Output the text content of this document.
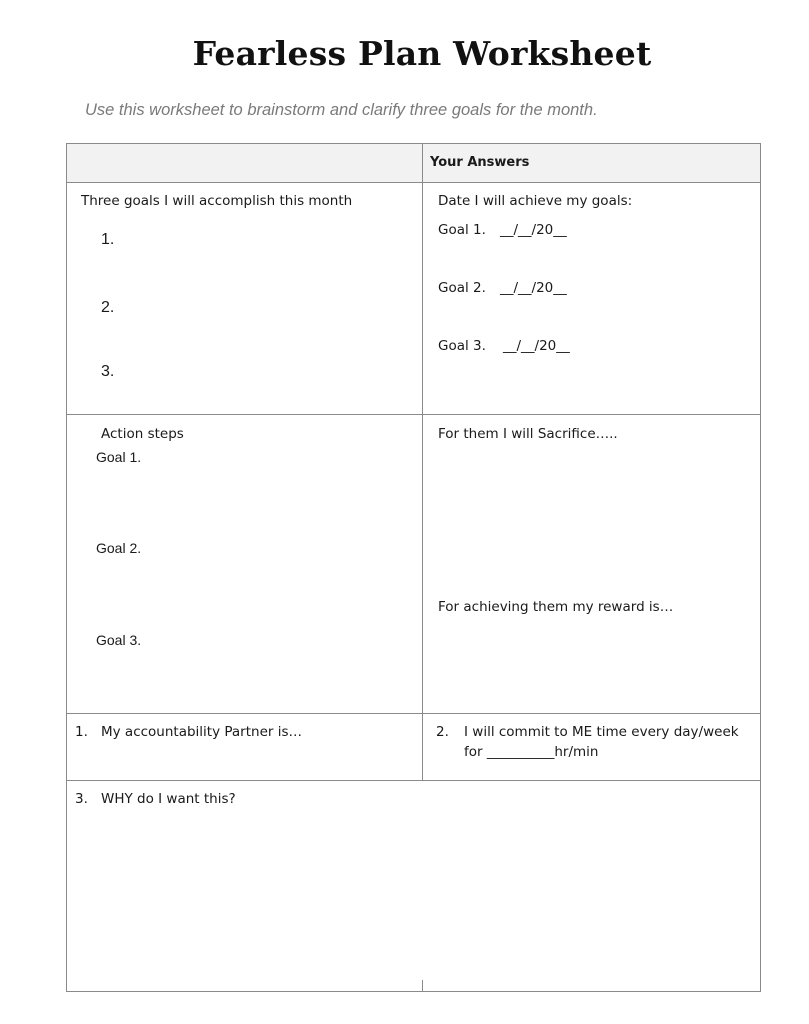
Fearless Plan Worksheet
Use this worksheet to brainstorm and clarify three goals for the month.
Your Answers
Three goals I will accomplish this month
1.
2.
3.
Date I will achieve my goals:
Goal 1. __/__/20__
Goal 2. __/__/20__
Goal 3. __/__/20__
Action steps
Goal 1.
Goal 2.
Goal 3.
For them I will Sacrifice…..
For achieving them my reward is…
1. My accountability Partner is…	2. I will commit to ME time every day/week
for __________hr/min
3. WHY do I want this?
